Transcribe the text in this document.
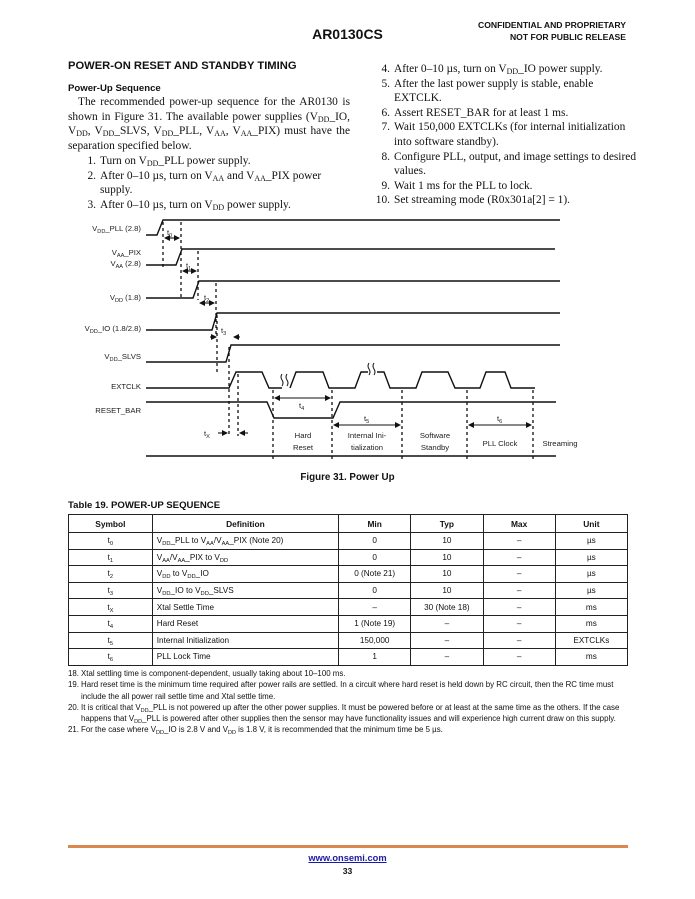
AR0130CS
CONFIDENTIAL AND PROPRIETARY
NOT FOR PUBLIC RELEASE
POWER-ON RESET AND STANDBY TIMING
Power-Up Sequence

The recommended power-up sequence for the AR0130 is shown in Figure 31. The available power supplies ($V_{DD}\_IO$, $V_{DD}$, $V_{DD}\_SLVS$, $V_{DD}\_PLL$, $V_{AA}$, $V_{AA}\_PIX$) must have the separation specified below.

1. Turn on $V_{DD}\_PLL$ power supply.
2. After 0–10 µs, turn on $V_{AA}$ and $V_{AA}\_PIX$ power supply.
3. After 0–10 µs, turn on $V_{DD}$ power supply.
4. After 0–10 µs, turn on $V_{DD}\_IO$ power supply.
5. After the last power supply is stable, enable EXTCLK.
6. Assert RESET_BAR for at least 1 ms.
7. Wait 150,000 EXTCLKs (for internal initialization into software standby).
8. Configure PLL, output, and image settings to desired values.
9. Wait 1 ms for the PLL to lock.
10. Set streaming mode (R0x301a[2] = 1).
$V_{DD}\_PLL$ (2.8)
$V_{AA}\_PIX$
$V_{AA}$ (2.8)
$V_{DD}$ (1.8)
$V_{DD}\_IO$ (1.8/2.8)
$V_{DD}\_SLVS$
EXTCLK
RESET_BAR
$t_0$
$t_1$
$t_2$
$t_3$
$t_X$
$t_4$
$t_5$	$t_6$
Hard
Reset
Internal Ini-
tialization
Software
Standby	PLL Clock	Streaming
Figure 31. Power Up
Table 19. POWER-UP SEQUENCE
Symbol	Definition	Min	Typ	Max	Unit
$t_0$	$V_{DD}\_PLL$ to $V_{AA}/V_{AA}\_PIX$ (Note 20)	0	10	–	µs
$t_1$	$V_{AA}/V_{AA}\_PIX$ to $V_{DD}$	0	10	–	µs
$t_2$	$V_{DD}$ to $V_{DD}\_IO$	0 (Note 21)	10	–	µs
$t_3$	$V_{DD}\_IO$ to $V_{DD}\_SLVS$	0	10	–	µs
$t_X$	Xtal Settle Time	–	30 (Note 18)	–	ms
$t_4$	Hard Reset	1 (Note 19)	–	–	ms
$t_5$	Internal Initialization	150,000	–	–	EXTCLKs
$t_6$	PLL Lock Time	1	–	–	ms
18. Xtal settling time is component-dependent, usually taking about 10–100 ms.
19. Hard reset time is the minimum time required after power rails are settled. In a circuit where hard reset is held down by RC circuit, then the RC time must include the all power rail settle time and Xtal settle time.
20. It is critical that $V_{DD}\_PLL$ is not powered up after the other power supplies. It must be powered before or at least at the same time as the others. If the case happens that $V_{DD}\_PLL$ is powered after other supplies then the sensor may have functionality issues and will experience high current draw on this supply.
21. For the case where $V_{DD}\_IO$ is 2.8 V and $V_{DD}$ is 1.8 V, it is recommended that the minimum time be 5 µs.
www.onsemi.com
33
